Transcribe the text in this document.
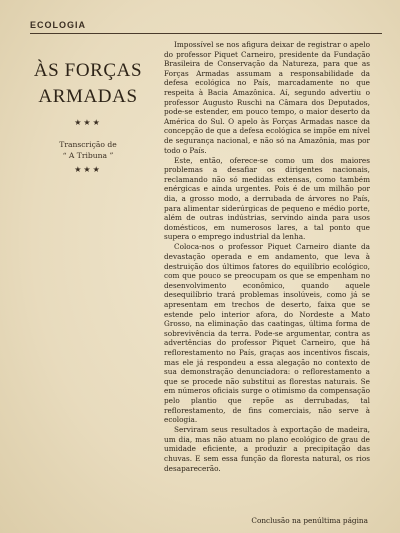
ECOLOGIA
ÀS FORÇAS
ARMADAS
★★★
Transcrição de
“ A Tribuna ”
★★★

Impossível se nos afigura deixar de registrar o apelo do professor Piquet Carneiro, presidente da Fundação Brasileira de Conservação da Natureza, para que as Forças Armadas assumam a responsabilidade da defesa ecológica no País, marcadamente no que respeita à Bacia Amazônica. Aí, segundo advertiu o professor Augusto Ruschi na Câmara dos Deputados, pode-se estender, em pouco tempo, o maior deserto da América do Sul. O apelo às Forças Armadas nasce da concepção de que a defesa ecológica se impõe em nível de segurança nacional, e não só na Amazônia, mas por todo o País.

Este, então, oferece-se como um dos maiores problemas a desafiar os dirigentes nacionais, reclamando não só medidas extensas, como também enérgicas e ainda urgentes. Pois é de um milhão por dia, a grosso modo, a derrubada de árvores no País, para alimentar siderúrgicas de pequeno e médio porte, além de outras indústrias, servindo ainda para usos domésticos, em numerosos lares, a tal ponto que supera o emprego industrial da lenha.

Coloca-nos o professor Piquet Carneiro diante da devastação operada e em andamento, que leva à destruição dos últimos fatores do equilíbrio ecológico, com que pouco se preocupam os que se empenham no desenvolvimento econômico, quando aquele desequilíbrio trará problemas insolúveis, como já se apresentam em trechos de deserto, faixa que se estende pelo interior afora, do Nordeste a Mato Grosso, na eliminação das caatingas, última forma de sobrevivência da terra. Pode-se argumentar, contra as advertências do professor Piquet Carneiro, que há reflorestamento no País, graças aos incentivos fiscais, mas ele já respondeu a essa alegação no contexto de sua demonstração denunciadora: o reflorestamento a que se procede não substitui as florestas naturais. Se em números oficiais surge o otimismo da compensação pelo plantio que repõe as derrubadas, tal reflorestamento, de fins comerciais, não serve à ecologia.

Serviram seus resultados à exportação de madeira, um dia, mas não atuam no plano ecológico de grau de umidade eficiente, a produzir a precipitação das chuvas. E sem essa função da floresta natural, os rios desaparecerão.

Conclusão na penúltima página
